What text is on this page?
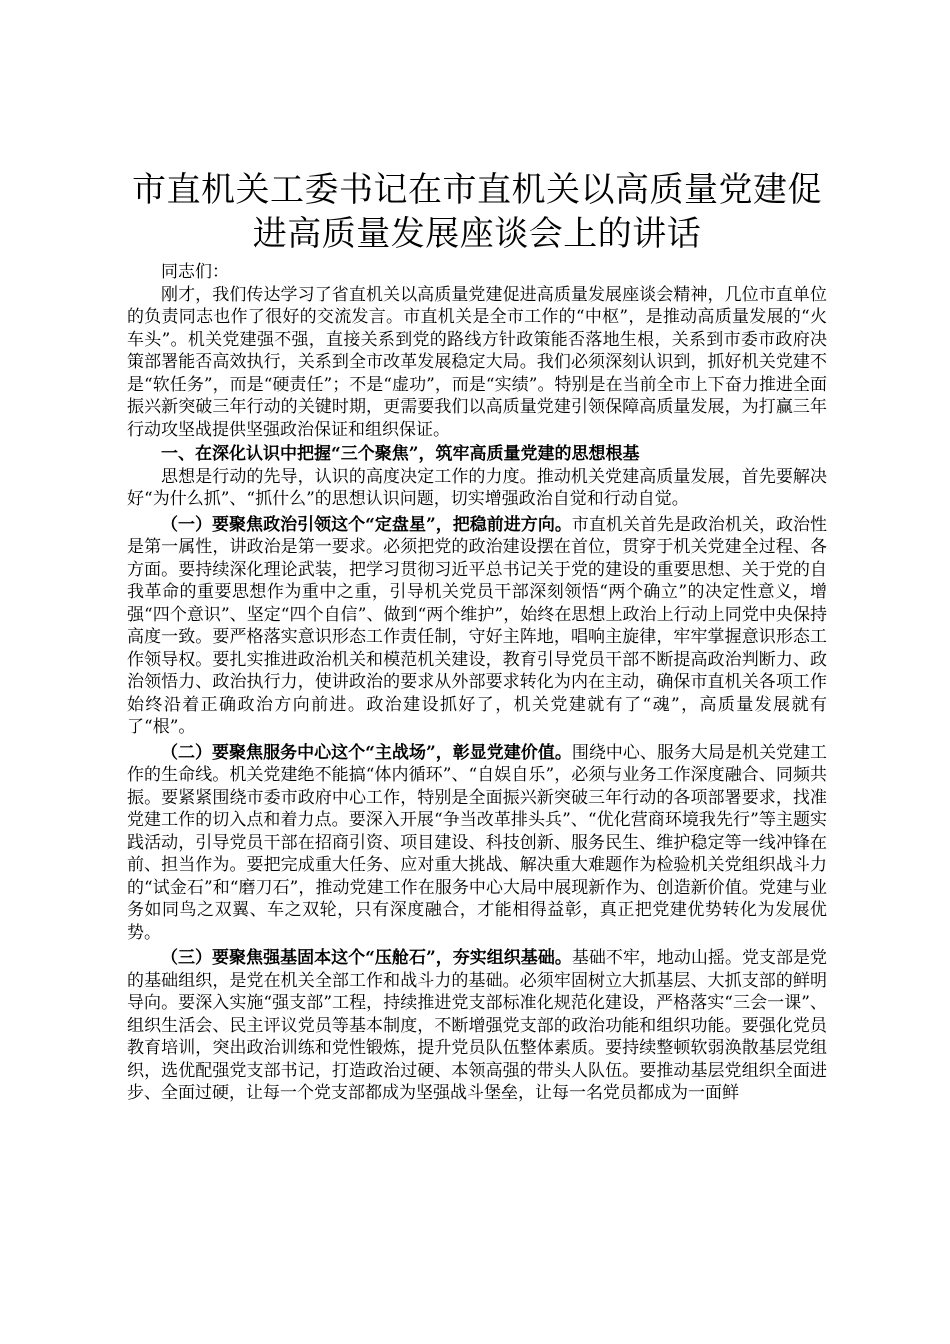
市直机关工委书记在市直机关以高质量党建促进高质量发展座谈会上的讲话

同志们：

刚才，我们传达学习了省直机关以高质量党建促进高质量发展座谈会精神，几位市直单位的负责同志也作了很好的交流发言。市直机关是全市工作的“中枢”，是推动高质量发展的“火车头”。机关党建强不强，直接关系到党的路线方针政策能否落地生根，关系到市委市政府决策部署能否高效执行，关系到全市改革发展稳定大局。我们必须深刻认识到，抓好机关党建不是“软任务”，而是“硬责任”；不是“虚功”，而是“实绩”。特别是在当前全市上下奋力推进全面振兴新突破三年行动的关键时期，更需要我们以高质量党建引领保障高质量发展，为打赢三年行动攻坚战提供坚强政治保证和组织保证。

一、在深化认识中把握“三个聚焦”，筑牢高质量党建的思想根基

思想是行动的先导，认识的高度决定工作的力度。推动机关党建高质量发展，首先要解决好“为什么抓”、“抓什么”的思想认识问题，切实增强政治自觉和行动自觉。

（一）要聚焦政治引领这个“定盘星”，把稳前进方向。市直机关首先是政治机关，政治性是第一属性，讲政治是第一要求。必须把党的政治建设摆在首位，贯穿于机关党建全过程、各方面。要持续深化理论武装，把学习贯彻习近平总书记关于党的建设的重要思想、关于党的自我革命的重要思想作为重中之重，引导机关党员干部深刻领悟“两个确立”的决定性意义，增强“四个意识”、坚定“四个自信”、做到“两个维护”，始终在思想上政治上行动上同党中央保持高度一致。要严格落实意识形态工作责任制，守好主阵地，唱响主旋律，牢牢掌握意识形态工作领导权。要扎实推进政治机关和模范机关建设，教育引导党员干部不断提高政治判断力、政治领悟力、政治执行力，使讲政治的要求从外部要求转化为内在主动，确保市直机关各项工作始终沿着正确政治方向前进。政治建设抓好了，机关党建就有了“魂”，高质量发展就有了“根”。

（二）要聚焦服务中心这个“主战场”，彰显党建价值。围绕中心、服务大局是机关党建工作的生命线。机关党建绝不能搞“体内循环”、“自娱自乐”，必须与业务工作深度融合、同频共振。要紧紧围绕市委市政府中心工作，特别是全面振兴新突破三年行动的各项部署要求，找准党建工作的切入点和着力点。要深入开展“争当改革排头兵”、“优化营商环境我先行”等主题实践活动，引导党员干部在招商引资、项目建设、科技创新、服务民生、维护稳定等一线冲锋在前、担当作为。要把完成重大任务、应对重大挑战、解决重大难题作为检验机关党组织战斗力的“试金石”和“磨刀石”，推动党建工作在服务中心大局中展现新作为、创造新价值。党建与业务如同鸟之双翼、车之双轮，只有深度融合，才能相得益彰，真正把党建优势转化为发展优势。

（三）要聚焦强基固本这个“压舱石”，夯实组织基础。基础不牢，地动山摇。党支部是党的基础组织，是党在机关全部工作和战斗力的基础。必须牢固树立大抓基层、大抓支部的鲜明导向。要深入实施“强支部”工程，持续推进党支部标准化规范化建设，严格落实“三会一课”、组织生活会、民主评议党员等基本制度，不断增强党支部的政治功能和组织功能。要强化党员教育培训，突出政治训练和党性锻炼，提升党员队伍整体素质。要持续整顿软弱涣散基层党组织，选优配强党支部书记，打造政治过硬、本领高强的带头人队伍。要推动基层党组织全面进步、全面过硬，让每一个党支部都成为坚强战斗堡垒，让每一名党员都成为一面鲜
